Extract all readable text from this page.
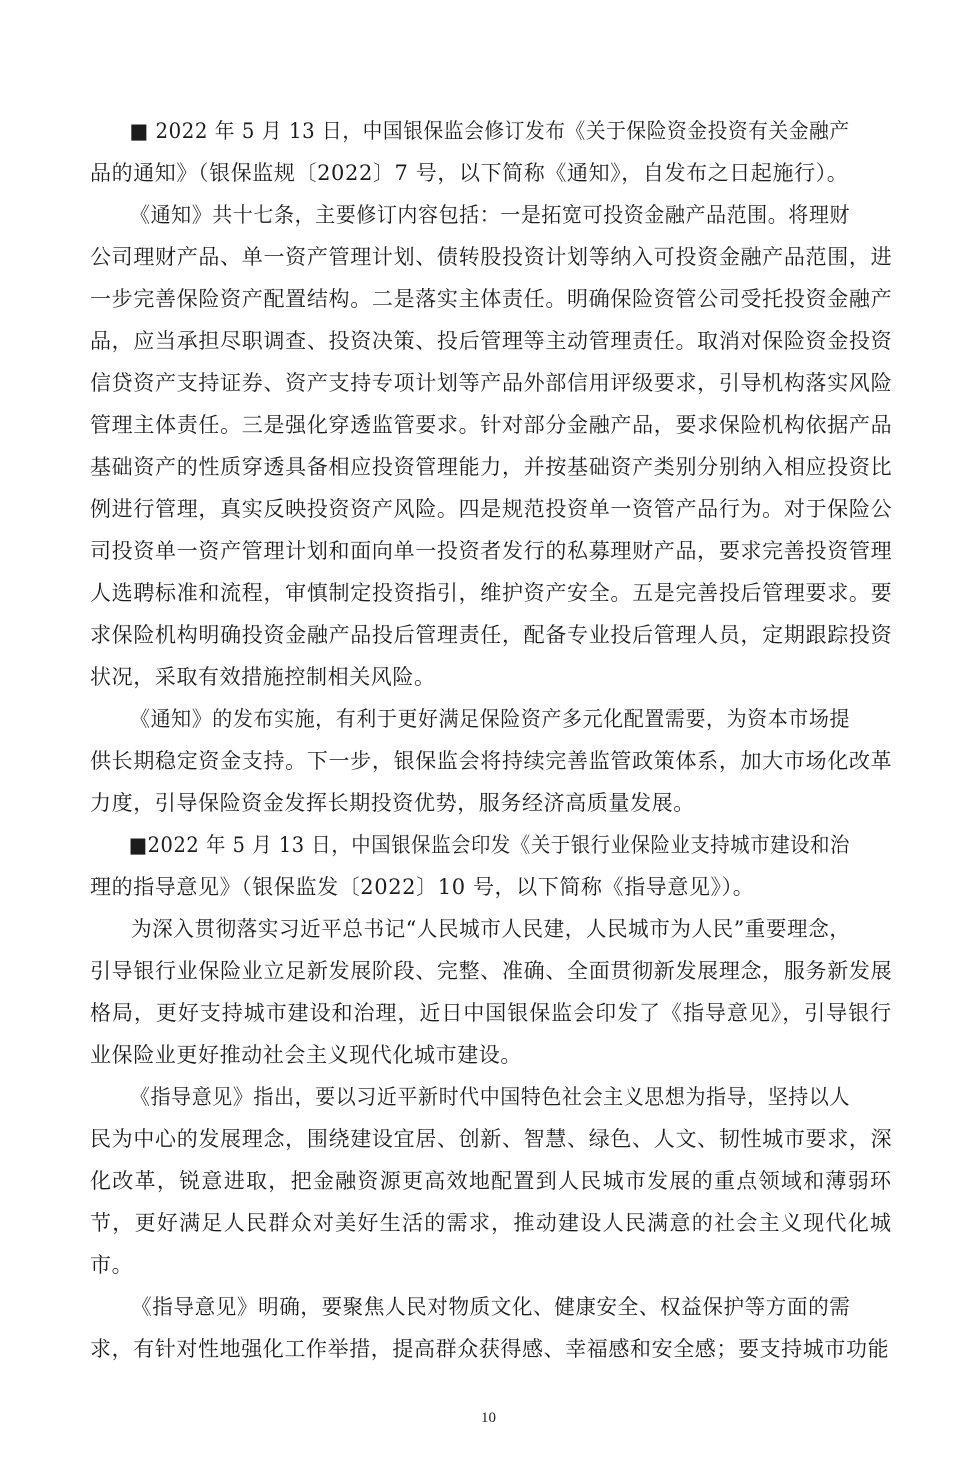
■ 2022 年 5 月 13 日，中国银保监会修订发布《关于保险资金投资有关金融产
品的通知》（银保监规〔2022〕7 号，以下简称《通知》，自发布之日起施行）。
《通知》共十七条，主要修订内容包括：一是拓宽可投资金融产品范围。将理财
公司理财产品、单一资产管理计划、债转股投资计划等纳入可投资金融产品范围，进
一步完善保险资产配置结构。二是落实主体责任。明确保险资管公司受托投资金融产
品，应当承担尽职调查、投资决策、投后管理等主动管理责任。取消对保险资金投资
信贷资产支持证券、资产支持专项计划等产品外部信用评级要求，引导机构落实风险
管理主体责任。三是强化穿透监管要求。针对部分金融产品，要求保险机构依据产品
基础资产的性质穿透具备相应投资管理能力，并按基础资产类别分别纳入相应投资比
例进行管理，真实反映投资资产风险。四是规范投资单一资管产品行为。对于保险公
司投资单一资产管理计划和面向单一投资者发行的私募理财产品，要求完善投资管理
人选聘标准和流程，审慎制定投资指引，维护资产安全。五是完善投后管理要求。要
求保险机构明确投资金融产品投后管理责任，配备专业投后管理人员，定期跟踪投资
状况，采取有效措施控制相关风险。
《通知》的发布实施，有利于更好满足保险资产多元化配置需要，为资本市场提
供长期稳定资金支持。下一步，银保监会将持续完善监管政策体系，加大市场化改革
力度，引导保险资金发挥长期投资优势，服务经济高质量发展。
■2022 年 5 月 13 日，中国银保监会印发《关于银行业保险业支持城市建设和治
理的指导意见》（银保监发〔2022〕10 号，以下简称《指导意见》）。
为深入贯彻落实习近平总书记“人民城市人民建，人民城市为人民”重要理念，
引导银行业保险业立足新发展阶段、完整、准确、全面贯彻新发展理念，服务新发展
格局，更好支持城市建设和治理，近日中国银保监会印发了《指导意见》，引导银行
业保险业更好推动社会主义现代化城市建设。
《指导意见》指出，要以习近平新时代中国特色社会主义思想为指导，坚持以人
民为中心的发展理念，围绕建设宜居、创新、智慧、绿色、人文、韧性城市要求，深
化改革，锐意进取，把金融资源更高效地配置到人民城市发展的重点领域和薄弱环
节，更好满足人民群众对美好生活的需求，推动建设人民满意的社会主义现代化城
市。
《指导意见》明确，要聚焦人民对物质文化、健康安全、权益保护等方面的需
求，有针对性地强化工作举措，提高群众获得感、幸福感和安全感；要支持城市功能
10
